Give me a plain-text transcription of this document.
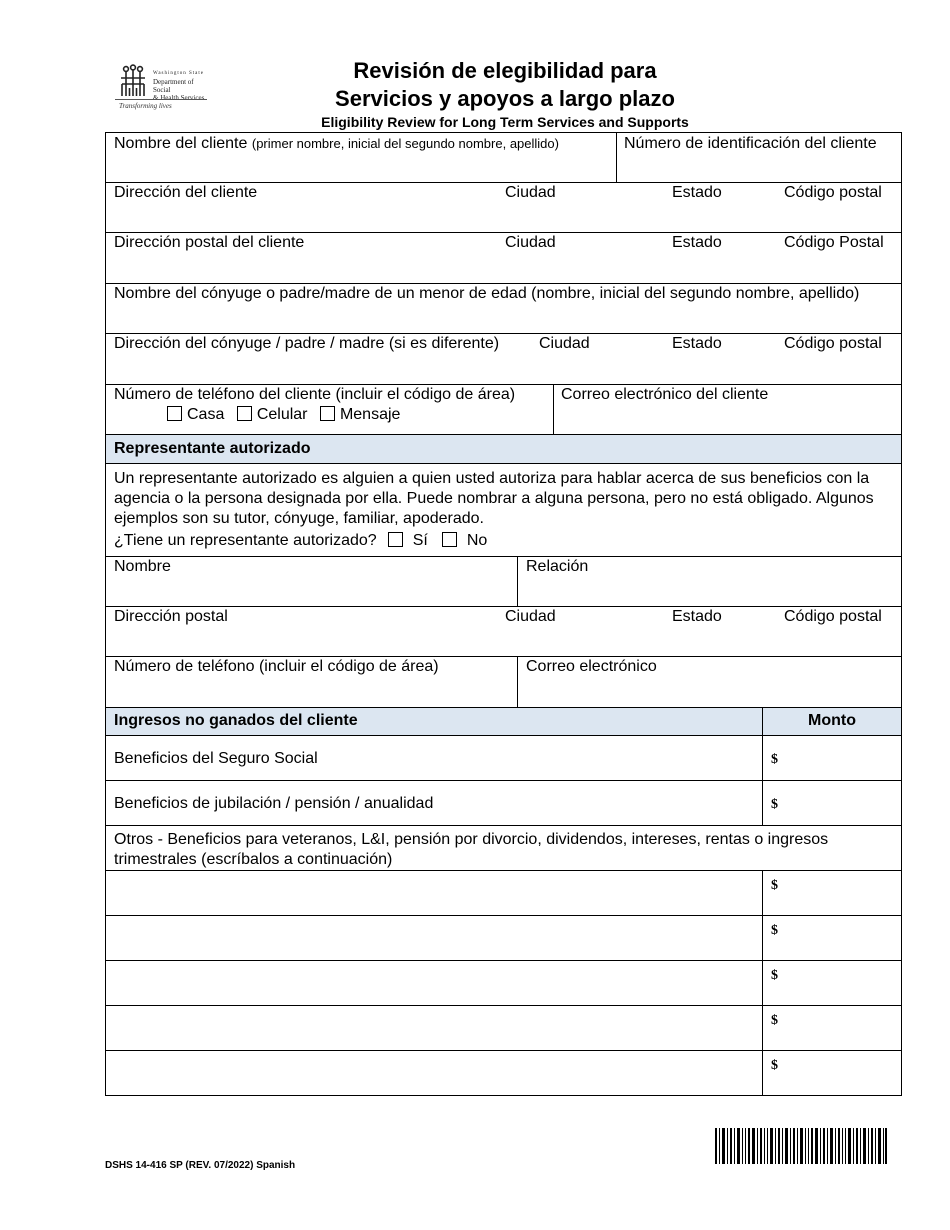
Washington State
Department of Social
& Health Services
Transforming lives
Revisión de elegibilidad para
Servicios y apoyos a largo plazo
Eligibility Review for Long Term Services and Supports
Nombre del cliente (primer nombre, inicial del segundo nombre, apellido)	Número de identificación del cliente
Dirección del cliente	Ciudad	Estado	Código postal
Dirección postal del cliente	Ciudad	Estado	Código Postal
Nombre del cónyuge o padre/madre de un menor de edad (nombre, inicial del segundo nombre, apellido)
Dirección del cónyuge / padre / madre (si es diferente) Ciudad	Estado	Código postal
Número de teléfono del cliente (incluir el código de área)
Casa Celular Mensaje
Correo electrónico del cliente
Representante autorizado
Un representante autorizado es alguien a quien usted autoriza para hablar acerca de sus beneficios con la agencia o la persona designada por ella. Puede nombrar a alguna persona, pero no está obligado. Algunos ejemplos son su tutor, cónyuge, familiar, apoderado.
¿Tiene un representante autorizado? Sí No
Nombre	Relación
Dirección postal	Ciudad	Estado	Código postal
Número de teléfono (incluir el código de área)	Correo electrónico
Ingresos no ganados del cliente	Monto
Beneficios del Seguro Social	$
Beneficios de jubilación / pensión / anualidad	$
Otros - Beneficios para veteranos, L&I, pensión por divorcio, dividendos, intereses, rentas o ingresos trimestrales (escríbalos a continuación)
$
$
$
$
$
DSHS 14-416 SP (REV. 07/2022) Spanish
